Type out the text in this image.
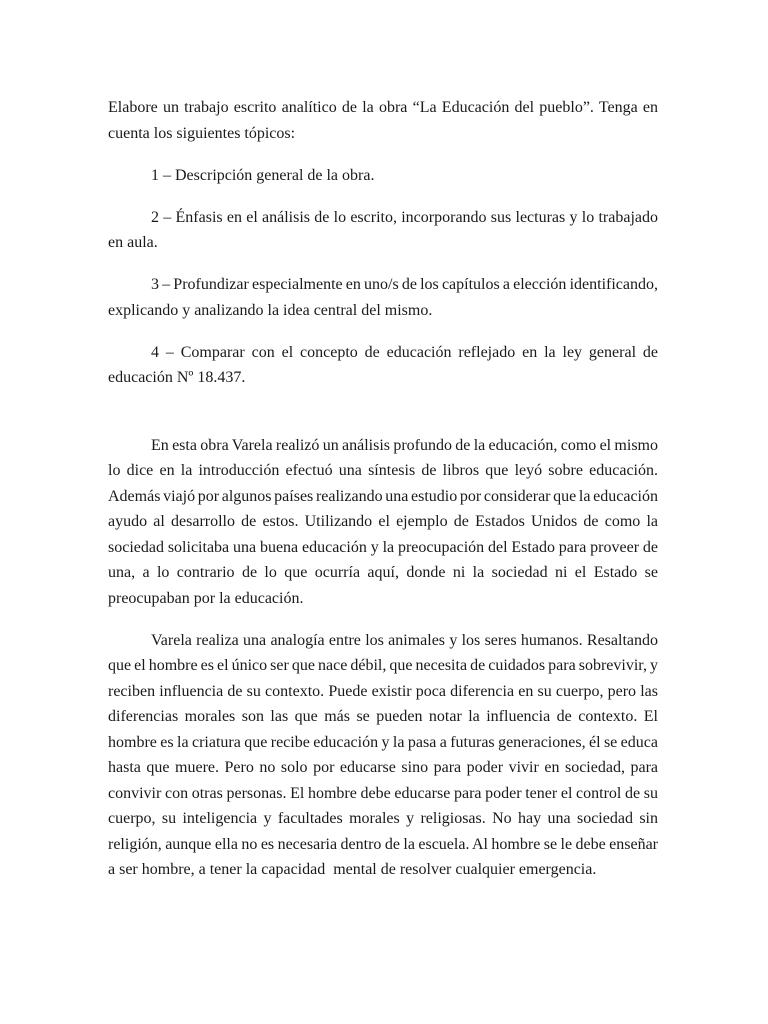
Elabore un trabajo escrito analítico de la obra “La Educación del pueblo”. Tenga en
cuenta los siguientes tópicos:
1 – Descripción general de la obra.
2 – Énfasis en el análisis de lo escrito, incorporando sus lecturas y lo trabajado
en aula.
3 – Profundizar especialmente en uno/s de los capítulos a elección identificando,
explicando y analizando la idea central del mismo.
4 – Comparar con el concepto de educación reflejado en la ley general de
educación Nº 18.437.
En esta obra Varela realizó un análisis profundo de la educación, como el mismo
lo dice en la introducción efectuó una síntesis de libros que leyó sobre educación.
Además viajó por algunos países realizando una estudio por considerar que la educación
ayudo al desarrollo de estos. Utilizando el ejemplo de Estados Unidos de como la
sociedad solicitaba una buena educación y la preocupación del Estado para proveer de
una, a lo contrario de lo que ocurría aquí, donde ni la sociedad ni el Estado se
preocupaban por la educación.
Varela realiza una analogía entre los animales y los seres humanos. Resaltando
que el hombre es el único ser que nace débil, que necesita de cuidados para sobrevivir, y
reciben influencia de su contexto. Puede existir poca diferencia en su cuerpo, pero las
diferencias morales son las que más se pueden notar la influencia de contexto. El
hombre es la criatura que recibe educación y la pasa a futuras generaciones, él se educa
hasta que muere. Pero no solo por educarse sino para poder vivir en sociedad, para
convivir con otras personas. El hombre debe educarse para poder tener el control de su
cuerpo, su inteligencia y facultades morales y religiosas. No hay una sociedad sin
religión, aunque ella no es necesaria dentro de la escuela. Al hombre se le debe enseñar
a ser hombre, a tener la capacidad  mental de resolver cualquier emergencia.
